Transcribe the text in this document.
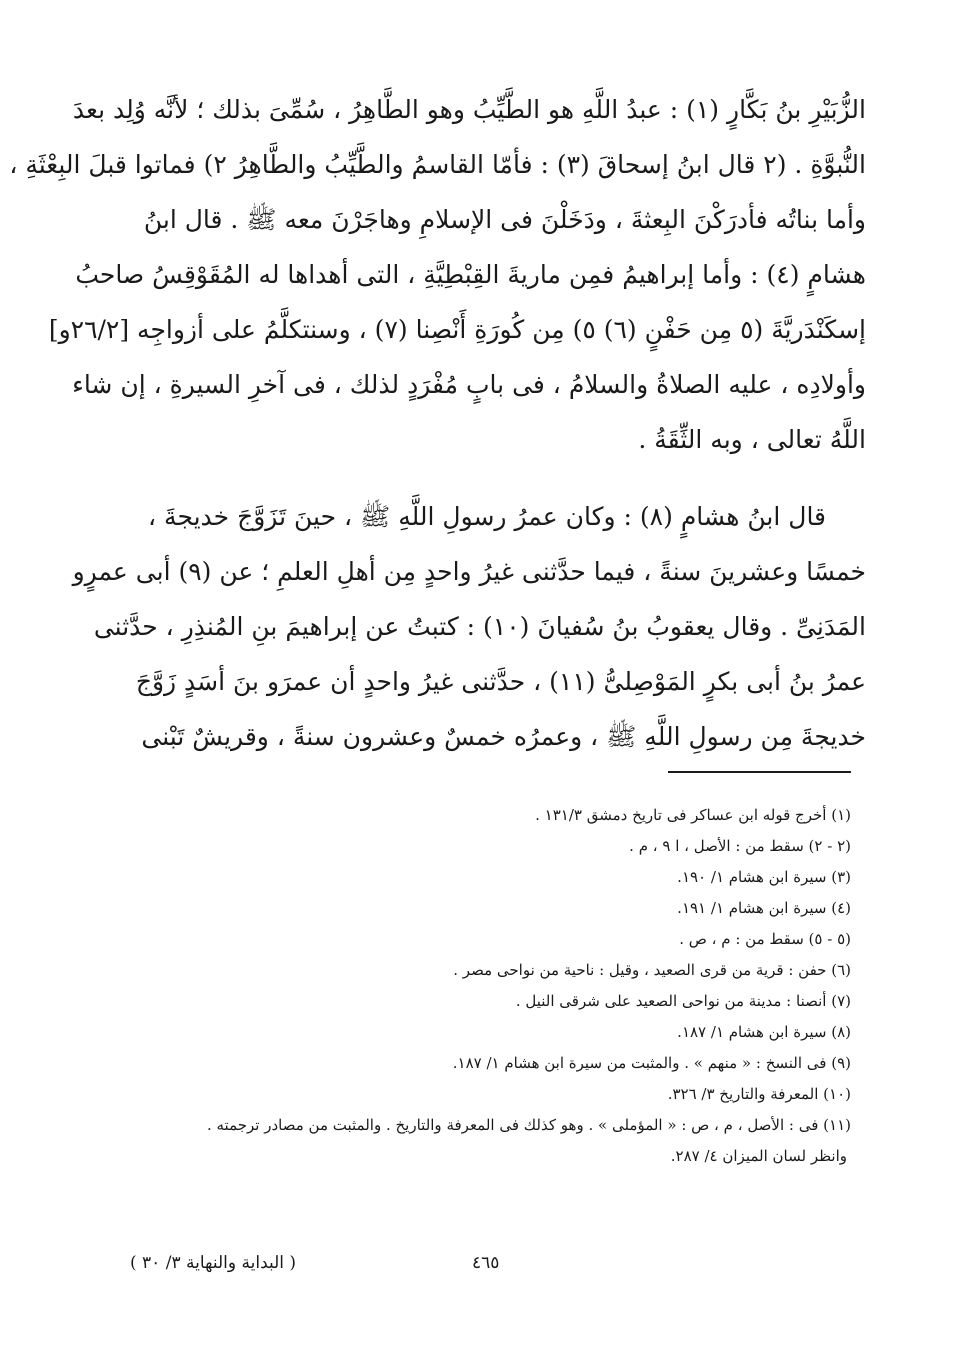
الزُّبَيْرِ بنُ بَكَّارٍ (١) : عبدُ اللَّهِ هو الطَّيِّبُ وهو الطَّاهِرُ ، سُمِّىَ بذلك ؛ لأنَّه وُلِد بعدَ
النُّبوَّةِ . (٢ قال ابنُ إسحاقَ (٣) : فأمّا القاسمُ والطَّيِّبُ والطَّاهِرُ ٢) فماتوا قبلَ البِعْثَةِ ،
وأما بناتُه فأدرَكْنَ البِعثةَ ، ودَخَلْنَ فى الإسلامِ وهاجَرْنَ معه ﷺ . قال ابنُ
هشامٍ (٤) : وأما إبراهيمُ فمِن ماريةَ القِبْطِيَّةِ ، التى أهداها له المُقَوْقِسُ صاحبُ
إسكَنْدَريَّةَ (٥ مِن حَفْنٍ (٦) ٥) مِن كُورَةِ أَنْصِنا (٧) ، وسنتكلَّمُ على أزواجِه [٢٦/٢و]
وأولادِه ، عليه الصلاةُ والسلامُ ، فى بابٍ مُفْرَدٍ لذلك ، فى آخرِ السيرةِ ، إن شاء
اللَّهُ تعالى ، وبه الثِّقَةُ .
قال ابنُ هشامٍ (٨) : وكان عمرُ رسولِ اللَّهِ ﷺ ، حينَ تَزَوَّجَ خديجةَ ،
خمسًا وعشرينَ سنةً ، فيما حدَّثنى غيرُ واحدٍ مِن أهلِ العلمِ ؛ عن (٩) أبى عمرٍو
المَدَنِىِّ . وقال يعقوبُ بنُ سُفيانَ (١٠) : كتبتُ عن إبراهيمَ بنِ المُنذِرِ ، حدَّثنى
عمرُ بنُ أبى بكرٍ المَوْصِلىُّ (١١) ، حدَّثنى غيرُ واحدٍ أن عمرَو بنَ أسَدٍ زَوَّجَ
خديجةَ مِن رسولِ اللَّهِ ﷺ ، وعمرُه خمسٌ وعشرون سنةً ، وقريشٌ تَبْنى
(١) أخرج قوله ابن عساكر فى تاريخ دمشق ١٣١/٣ .
(٢ - ٢) سقط من : الأصل ، ا ٩ ، م .
(٣) سيرة ابن هشام ١/ ١٩٠.
(٤) سيرة ابن هشام ١/ ١٩١.
(٥ - ٥) سقط من : م ، ص .
(٦) حفن : قرية من قرى الصعيد ، وقيل : ناحية من نواحى مصر .
(٧) أنصنا : مدينة من نواحى الصعيد على شرقى النيل .
(٨) سيرة ابن هشام ١/ ١٨٧.
(٩) فى النسخ : « منهم » . والمثبت من سيرة ابن هشام ١/ ١٨٧.
(١٠) المعرفة والتاريخ ٣/ ٣٢٦.
(١١) فى : الأصل ، م ، ص : « المؤملى » . وهو كذلك فى المعرفة والتاريخ . والمثبت من مصادر ترجمته .
وانظر لسان الميزان ٤/ ٢٨٧.
( البداية والنهاية ٣/ ٣٠ )	٤٦٥
